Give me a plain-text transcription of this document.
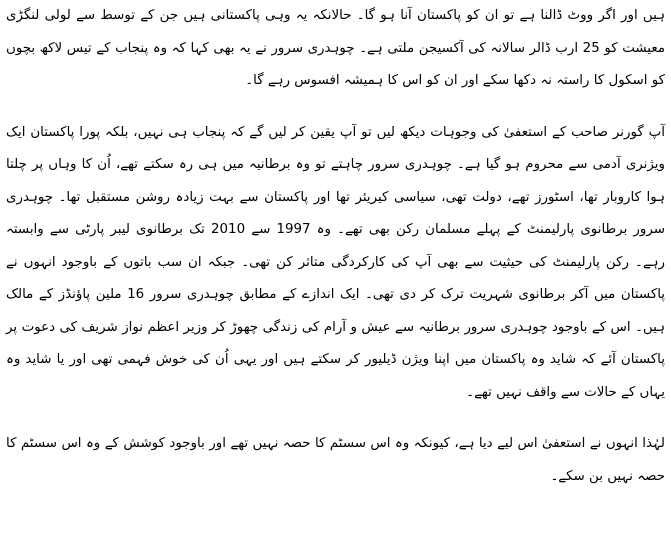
ہیں اور اگر ووٹ ڈالنا ہے تو ان کو پاکستان آنا ہو گا۔ حالانکہ یہ وہی پاکستانی ہیں جن کے توسط سے لولی لنگڑی معیشت کو 25 ارب ڈالر سالانہ کی آکسیجن ملتی ہے۔ چوہدری سرور نے یہ بھی کہا کہ وہ پنجاب کے تیس لاکھ بچوں کو اسکول کا راستہ نہ دکھا سکے اور ان کو اس کا ہمیشہ افسوس رہے گا۔

آپ گورنر صاحب کے استعفیٰ کی وجوہات دیکھ لیں تو آپ یقین کر لیں گے کہ پنجاب ہی نہیں، بلکہ پورا پاکستان ایک ویژنری آدمی سے محروم ہو گیا ہے۔ چوہدری سرور چاہتے تو وہ برطانیہ میں ہی رہ سکتے تھے، اُن کا وہاں پر چلتا ہوا کاروبار تھا، اسٹورز تھے، دولت تھی، سیاسی کیریئر تھا اور پاکستان سے بہت زیادہ روشن مستقبل تھا۔ چوہدری سرور برطانوی پارلیمنٹ کے پہلے مسلمان رکن بھی تھے۔ وہ 1997 سے 2010 تک برطانوی لیبر پارٹی سے وابستہ رہے۔ رکن پارلیمنٹ کی حیثیت سے بھی آپ کی کارکردگی متاثر کن تھی۔ جبکہ ان سب باتوں کے باوجود انہوں نے پاکستان میں آکر برطانوی شہریت ترک کر دی تھی۔ ایک اندازے کے مطابق چوہدری سرور 16 ملین پاؤنڈز کے مالک ہیں۔ اس کے باوجود چوہدری سرور برطانیہ سے عیش و آرام کی زندگی چھوڑ کر وزیر اعظم نواز شریف کی دعوت پر پاکستان آئے کہ شاید وہ پاکستان میں اپنا ویژن ڈیلیور کر سکتے ہیں اور یہی اُن کی خوش فہمی تھی اور یا شاید وہ یہاں کے حالات سے واقف نہیں تھے۔

لہٰذا انہوں نے استعفیٰ اس لیے دیا ہے، کیونکہ وہ اس سسٹم کا حصہ نہیں تھے اور باوجود کوشش کے وہ اس سسٹم کا حصہ نہیں بن سکے۔
